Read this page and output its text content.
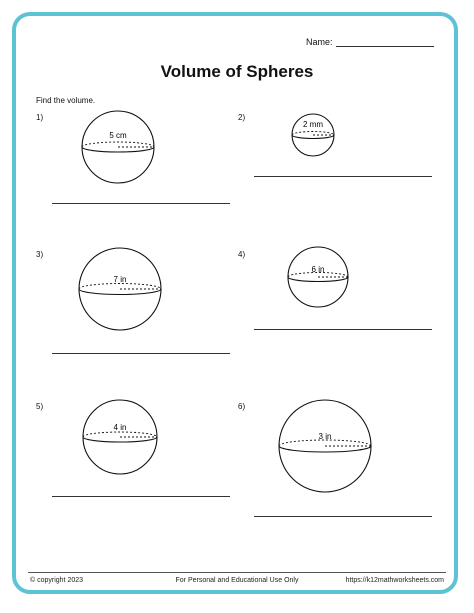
Name:
Volume of Spheres
Find the volume.
1)
5 cm
2)
2 mm
3)
7 in
4)
6 in
5)
4 in
6)
3 in
© copyright 2023	For Personal and Educational Use Only	https://k12mathworksheets.com
